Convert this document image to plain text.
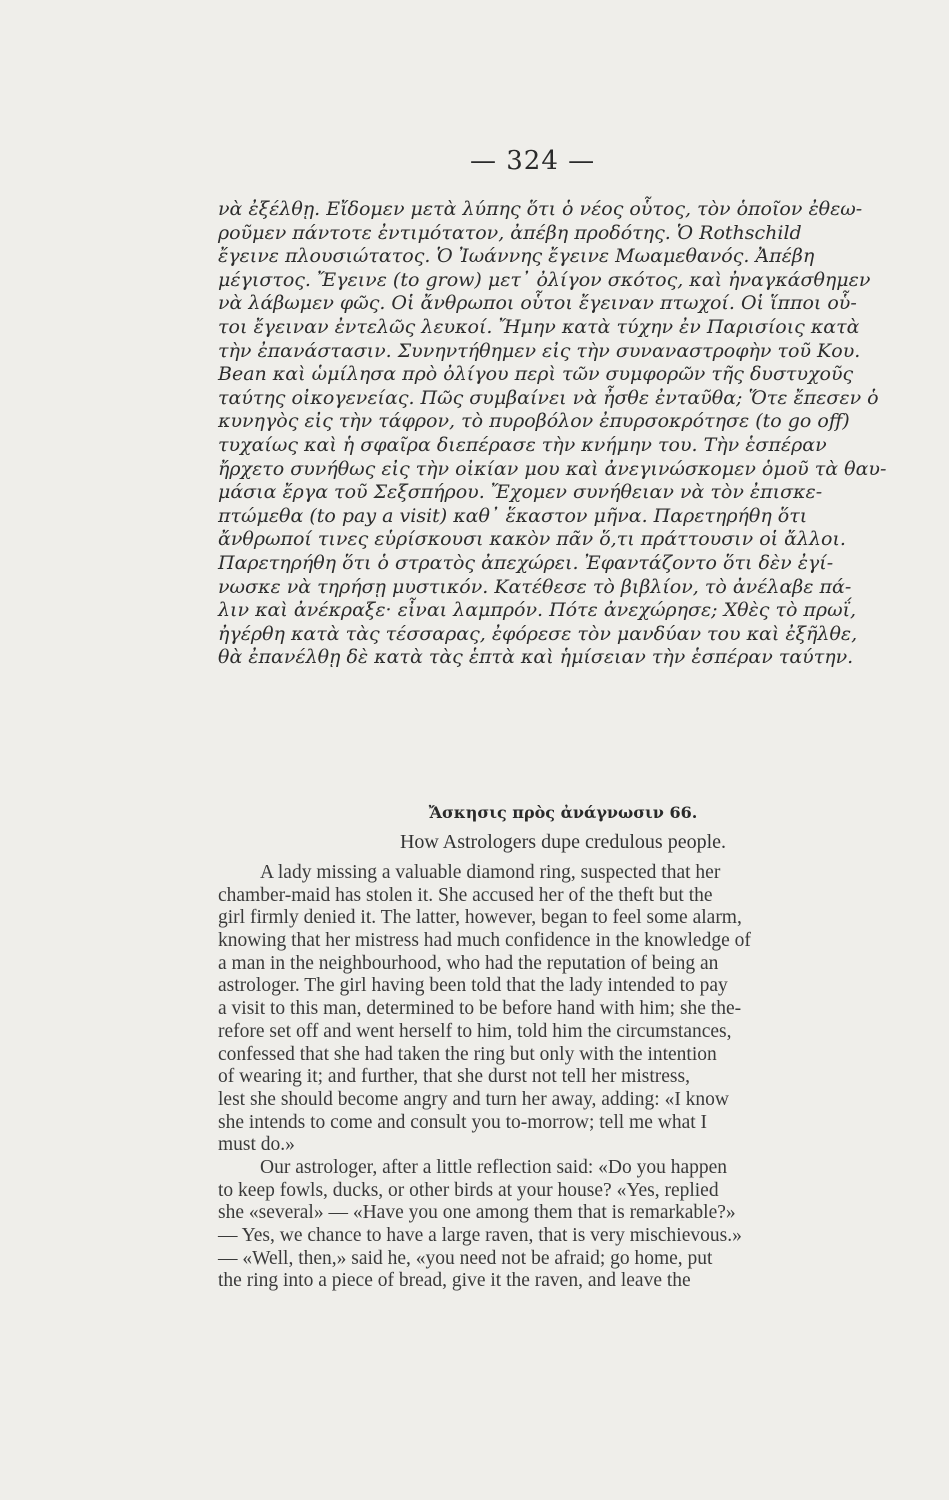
— 324 —
νὰ ἐξέλθῃ. Εἴδομεν μετὰ λύπης ὅτι ὁ νέος οὗτος, τὸν ὁποῖον ἐθεω-
ροῦμεν πάντοτε ἐντιμότατον, ἀπέβη προδότης. Ὁ Rothschild
ἔγεινε πλουσιώτατος. Ὁ Ἰωάννης ἔγεινε Μωαμεθανός. Ἀπέβη
μέγιστος. Ἔγεινε (to grow) μετ᾽ ὀλίγον σκότος, καὶ ἠναγκάσθημεν
νὰ λάβωμεν φῶς. Οἱ ἄνθρωποι οὗτοι ἔγειναν πτωχοί. Οἱ ἵπποι οὗ-
τοι ἔγειναν ἐντελῶς λευκοί. Ἤμην κατὰ τύχην ἐν Παρισίοις κατὰ
τὴν ἐπανάστασιν. Συνηντήθημεν εἰς τὴν συναναστροφὴν τοῦ Κου.
Bean καὶ ὡμίλησα πρὸ ὀλίγου περὶ τῶν συμφορῶν τῆς δυστυχοῦς
ταύτης οἰκογενείας. Πῶς συμβαίνει νὰ ἦσθε ἐνταῦθα; Ὅτε ἔπεσεν ὁ
κυνηγὸς εἰς τὴν τάφρον, τὸ πυροβόλον ἐπυρσοκρότησε (to go off)
τυχαίως καὶ ἡ σφαῖρα διεπέρασε τὴν κνήμην του. Τὴν ἑσπέραν
ἤρχετο συνήθως εἰς τὴν οἰκίαν μου καὶ ἀνεγινώσκομεν ὁμοῦ τὰ θαυ-
μάσια ἔργα τοῦ Σεξσπήρου. Ἔχομεν συνήθειαν νὰ τὸν ἐπισκε-
πτώμεθα (to pay a visit) καθ᾽ ἕκαστον μῆνα. Παρετηρήθη ὅτι
ἄνθρωποί τινες εὑρίσκουσι κακὸν πᾶν ὅ,τι πράττουσιν οἱ ἄλλοι.
Παρετηρήθη ὅτι ὁ στρατὸς ἀπεχώρει. Ἐφαντάζοντο ὅτι δὲν ἐγί-
νωσκε νὰ τηρήσῃ μυστικόν. Κατέθεσε τὸ βιβλίον, τὸ ἀνέλαβε πά-
λιν καὶ ἀνέκραξε· εἶναι λαμπρόν. Πότε ἀνεχώρησε; Χθὲς τὸ πρωΐ,
ἠγέρθη κατὰ τὰς τέσσαρας, ἐφόρεσε τὸν μανδύαν του καὶ ἐξῆλθε,
θὰ ἐπανέλθῃ δὲ κατὰ τὰς ἑπτὰ καὶ ἡμίσειαν τὴν ἑσπέραν ταύτην.
Ἄσκησις πρὸς ἀνάγνωσιν 66.
How Astrologers dupe credulous people.
A lady missing a valuable diamond ring, suspected that her
chamber-maid has stolen it. She accused her of the theft but the
girl firmly denied it. The latter, however, began to feel some alarm,
knowing that her mistress had much confidence in the knowledge of
a man in the neighbourhood, who had the reputation of being an
astrologer. The girl having been told that the lady intended to pay
a visit to this man, determined to be before hand with him; she the-
refore set off and went herself to him, told him the circumstances,
confessed that she had taken the ring but only with the intention
of wearing it; and further, that she durst not tell her mistress,
lest she should become angry and turn her away, adding: «I know
she intends to come and consult you to-morrow; tell me what I
must do.»
Our astrologer, after a little reflection said: «Do you happen
to keep fowls, ducks, or other birds at your house? «Yes, replied
she «several» — «Have you one among them that is remarkable?»
— Yes, we chance to have a large raven, that is very mischievous.»
— «Well, then,» said he, «you need not be afraid; go home, put
the ring into a piece of bread, give it the raven, and leave the
